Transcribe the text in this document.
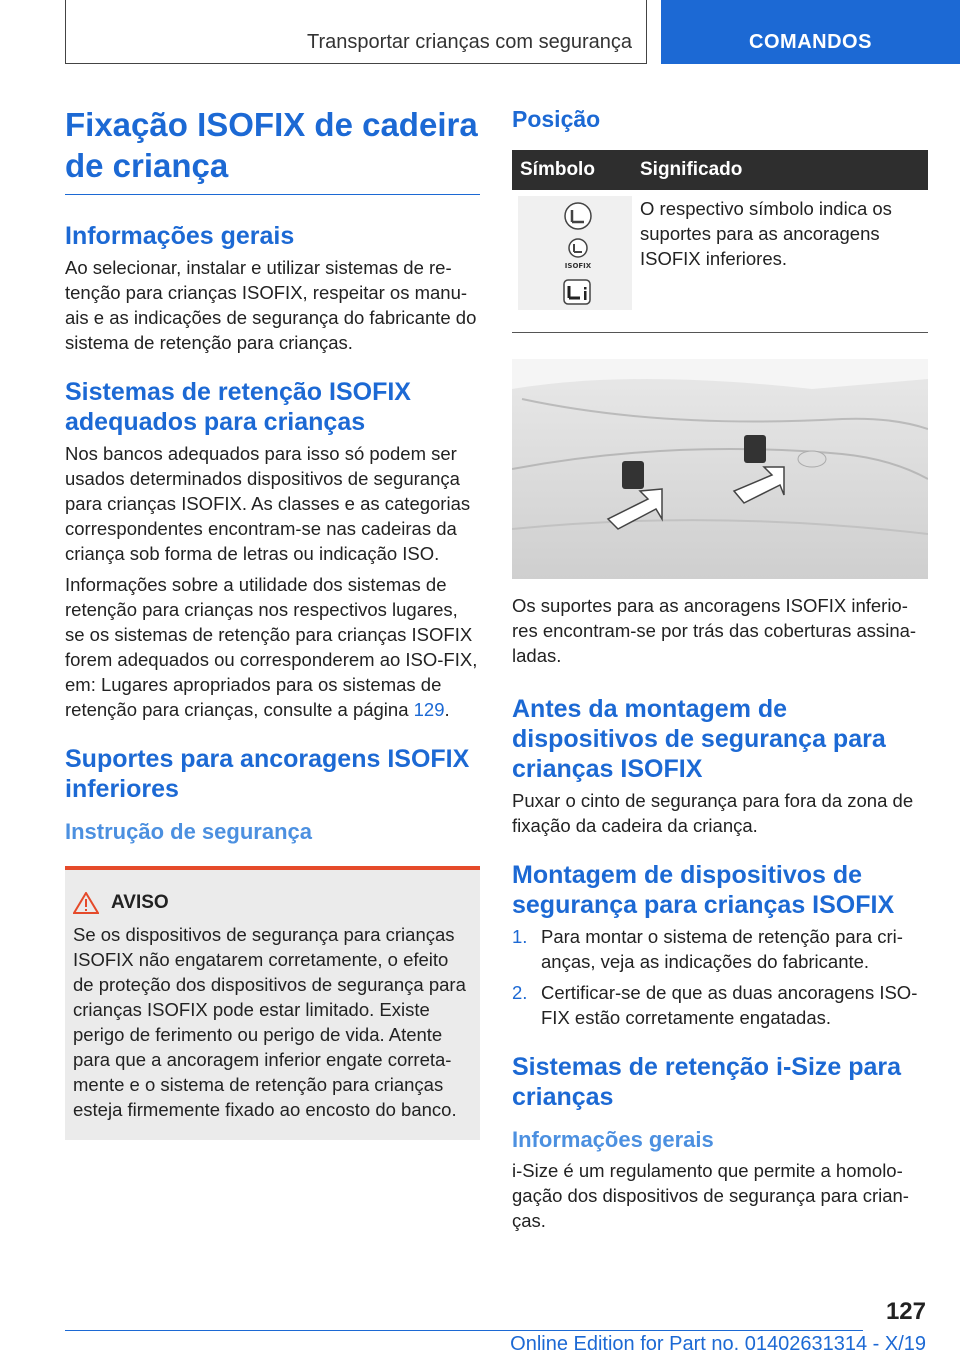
Transportar crianças com segurança	COMANDOS
Fixação ISOFIX de cadeira de criança
Informações gerais

Ao selecionar, instalar e utilizar sistemas de re-tenção para crianças ISOFIX, respeitar os manu-ais e as indicações de segurança do fabricante do sistema de retenção para crianças.

Sistemas de retenção ISOFIX adequados para crianças

Nos bancos adequados para isso só podem ser usados determinados dispositivos de segurança para crianças ISOFIX. As classes e as categorias correspondentes encontram-se nas cadeiras da criança sob forma de letras ou indicação ISO.

Informações sobre a utilidade dos sistemas de retenção para crianças nos respectivos lugares, se os sistemas de retenção para crianças ISOFIX forem adequados ou corresponderem ao ISO-FIX, em: Lugares apropriados para os sistemas de retenção para crianças, consulte a página 129.

Suportes para ancoragens ISOFIX inferiores
Instrução de segurança
AVISO

Se os dispositivos de segurança para crianças ISOFIX não engatarem corretamente, o efeito de proteção dos dispositivos de segurança para crianças ISOFIX pode estar limitado. Existe perigo de ferimento ou perigo de vida. Atente para que a ancoragem inferior engate correta-mente e o sistema de retenção para crianças esteja firmemente fixado ao encosto do banco.

Posição
Símbolo	Significado

ISOFIX	O respectivo símbolo indica os suportes para as ancoragens ISOFIX inferiores.

Os suportes para as ancoragens ISOFIX inferio-res encontram-se por trás das coberturas assina-ladas.

Antes da montagem de dispositivos de segurança para crianças ISOFIX

Puxar o cinto de segurança para fora da zona de fixação da cadeira da criança.

Montagem de dispositivos de segurança para crianças ISOFIX
1. Para montar o sistema de retenção para cri-anças, veja as indicações do fabricante.
2. Certificar-se de que as duas ancoragens ISO-FIX estão corretamente engatadas.
Sistemas de retenção i-Size para crianças
Informações gerais

i-Size é um regulamento que permite a homolo-gação dos dispositivos de segurança para crian-ças.

127
Online Edition for Part no. 01402631314 - X/19
